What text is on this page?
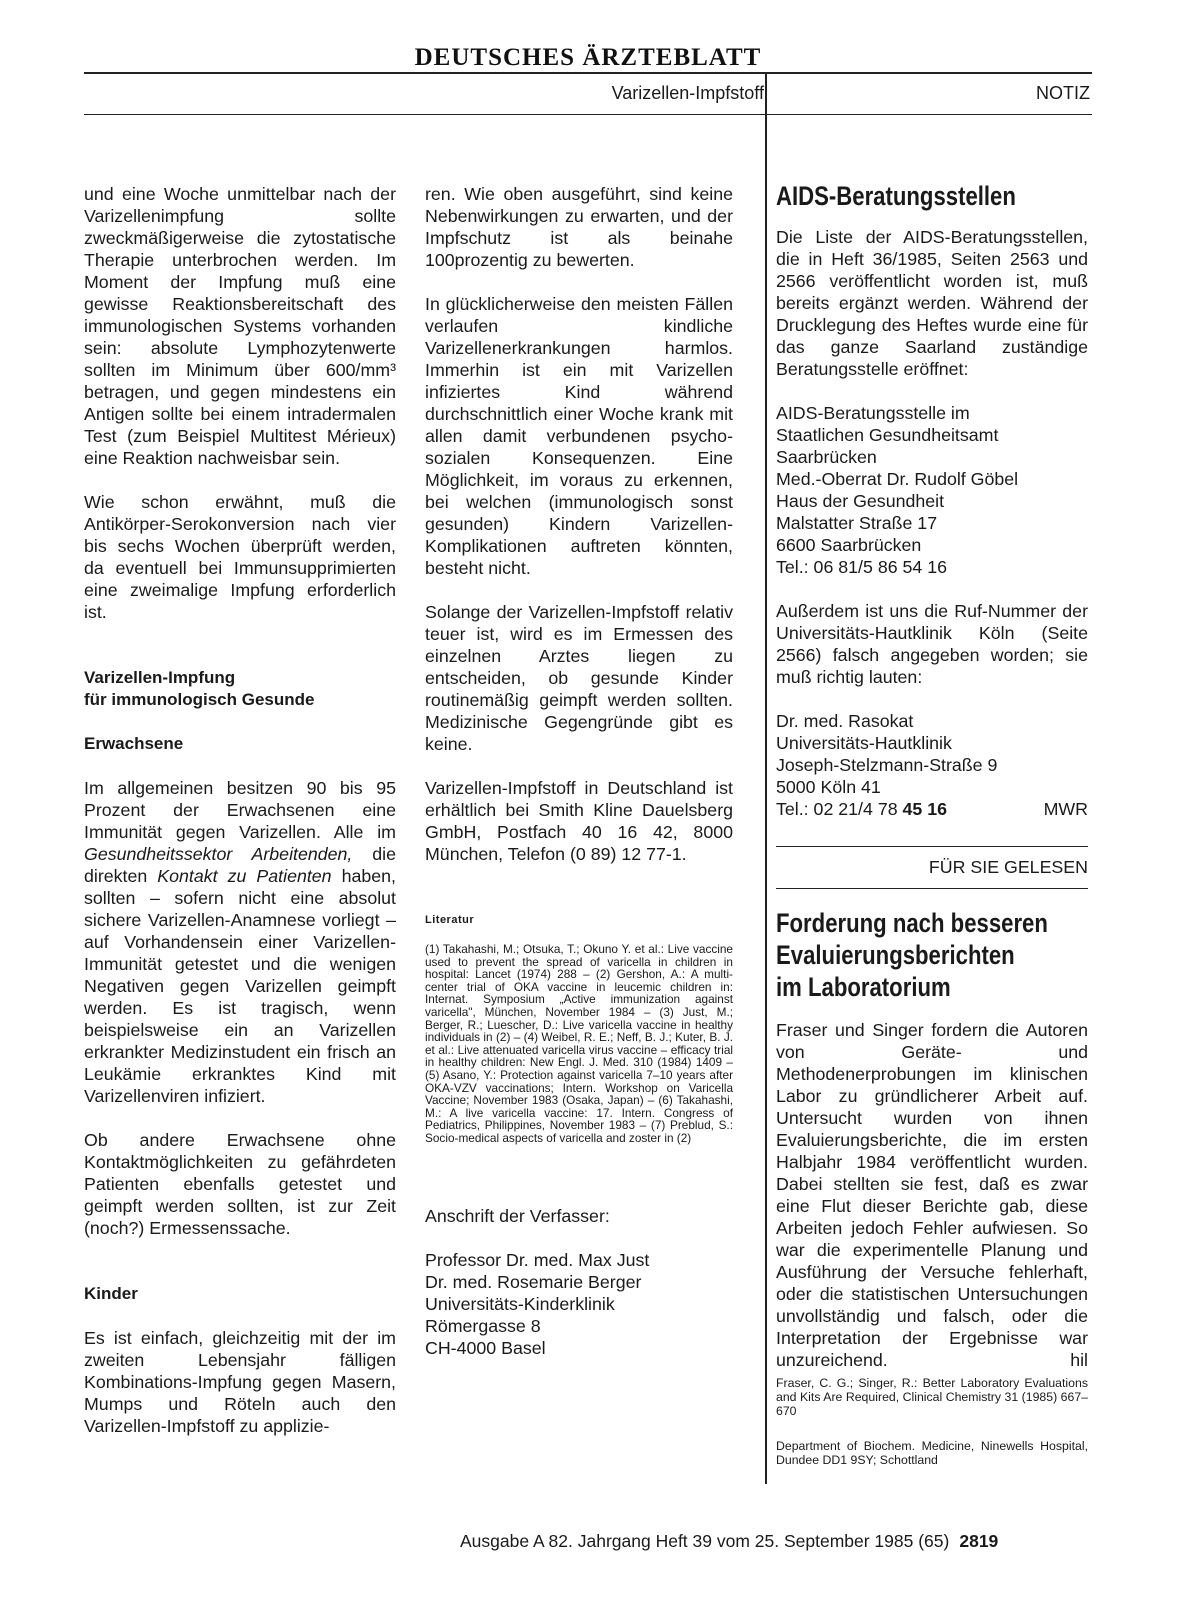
DEUTSCHES ÄRZTEBLATT
Varizellen-Impfstoff	NOTIZ

und eine Woche unmittelbar nach der Varizellenimpfung sollte zweckmäßigerweise die zytostatische Therapie unterbrochen werden. Im Moment der Impfung muß eine gewisse Reaktionsbereitschaft des immunologischen Systems vorhanden sein: absolute Lymphozytenwerte sollten im Minimum über 600/mm³ betragen, und gegen mindestens ein Antigen sollte bei einem intradermalen Test (zum Beispiel Multitest Mérieux) eine Reaktion nachweisbar sein.

Wie schon erwähnt, muß die Antikörper-Serokonversion nach vier bis sechs Wochen überprüft werden, da eventuell bei Immunsupprimierten eine zweimalige Impfung erforderlich ist.

Varizellen-Impfung
für immunologisch Gesunde
Erwachsene

Im allgemeinen besitzen 90 bis 95 Prozent der Erwachsenen eine Immunität gegen Varizellen. Alle im Gesundheitssektor Arbeitenden, die direkten Kontakt zu Patienten haben, sollten – sofern nicht eine absolut sichere Varizellen-Anamnese vorliegt – auf Vorhandensein einer Varizellen-Immunität getestet und die wenigen Negativen gegen Varizellen geimpft werden. Es ist tragisch, wenn beispielsweise ein an Varizellen erkrankter Medizinstudent ein frisch an Leukämie erkranktes Kind mit Varizellenviren infiziert.

Ob andere Erwachsene ohne Kontaktmöglichkeiten zu gefährdeten Patienten ebenfalls getestet und geimpft werden sollten, ist zur Zeit (noch?) Ermessenssache.

Kinder

Es ist einfach, gleichzeitig mit der im zweiten Lebensjahr fälligen Kombinations-Impfung gegen Masern, Mumps und Röteln auch den Varizellen-Impfstoff zu applizie-

ren. Wie oben ausgeführt, sind keine Nebenwirkungen zu erwarten, und der Impfschutz ist als beinahe 100prozentig zu bewerten.

In glücklicherweise den meisten Fällen verlaufen kindliche Varizellenerkrankungen harmlos. Immerhin ist ein mit Varizellen infiziertes Kind während durchschnittlich einer Woche krank mit allen damit verbundenen psycho-sozialen Konsequenzen. Eine Möglichkeit, im voraus zu erkennen, bei welchen (immunologisch sonst gesunden) Kindern Varizellen-Komplikationen auftreten könnten, besteht nicht.

Solange der Varizellen-Impfstoff relativ teuer ist, wird es im Ermessen des einzelnen Arztes liegen zu entscheiden, ob gesunde Kinder routinemäßig geimpft werden sollten. Medizinische Gegengründe gibt es keine.

Varizellen-Impfstoff in Deutschland ist erhältlich bei Smith Kline Dauelsberg GmbH, Postfach 40 16 42, 8000 München, Telefon (0 89) 12 77-1.

Literatur

(1) Takahashi, M.; Otsuka, T.; Okuno Y. et al.: Live vaccine used to prevent the spread of varicella in children in hospital: Lancet (1974) 288 – (2) Gershon, A.: A multi-center trial of OKA vaccine in leucemic children in: Internat. Symposium „Active immunization against varicella", München, November 1984 – (3) Just, M.; Berger, R.; Luescher, D.: Live varicella vaccine in healthy individuals in (2) – (4) Weibel, R. E.; Neff, B. J.; Kuter, B. J. et al.: Live attenuated varicella virus vaccine – efficacy trial in healthy children: New Engl. J. Med. 310 (1984) 1409 – (5) Asano, Y.: Protection against varicella 7–10 years after OKA-VZV vaccinations; Intern. Workshop on Varicella Vaccine; November 1983 (Osaka, Japan) – (6) Takahashi, M.: A live varicella vaccine: 17. Intern. Congress of Pediatrics, Philippines, November 1983 – (7) Preblud, S.: Socio-medical aspects of varicella and zoster in (2)

Anschrift der Verfasser:

Professor Dr. med. Max Just
Dr. med. Rosemarie Berger
Universitäts-Kinderklinik
Römergasse 8
CH-4000 Basel
AIDS-Beratungsstellen

Die Liste der AIDS-Beratungsstellen, die in Heft 36/1985, Seiten 2563 und 2566 veröffentlicht worden ist, muß bereits ergänzt werden. Während der Drucklegung des Heftes wurde eine für das ganze Saarland zuständige Beratungsstelle eröffnet:

AIDS-Beratungsstelle im
Staatlichen Gesundheitsamt
Saarbrücken
Med.-Oberrat Dr. Rudolf Göbel
Haus der Gesundheit
Malstatter Straße 17
6600 Saarbrücken
Tel.: 06 81/5 86 54 16

Außerdem ist uns die Ruf-Nummer der Universitäts-Hautklinik Köln (Seite 2566) falsch angegeben worden; sie muß richtig lauten:

Dr. med. Rasokat
Universitäts-Hautklinik
Joseph-Stelzmann-Straße 9
5000 Köln 41
Tel.: 02 21/4 78 45 16	MWR
FÜR SIE GELESEN
Forderung nach besseren
Evaluierungsberichten
im Laboratorium

Fraser und Singer fordern die Autoren von Geräte- und Methodenerprobungen im klinischen Labor zu gründlicherer Arbeit auf. Untersucht wurden von ihnen Evaluierungsberichte, die im ersten Halbjahr 1984 veröffentlicht wurden. Dabei stellten sie fest, daß es zwar eine Flut dieser Berichte gab, diese Arbeiten jedoch Fehler aufwiesen. So war die experimentelle Planung und Ausführung der Versuche fehlerhaft, oder die statistischen Untersuchungen unvollständig und falsch, oder die Interpretation der Ergebnisse war unzureichend.	hil

Fraser, C. G.; Singer, R.: Better Laboratory Evaluations and Kits Are Required, Clinical Chemistry 31 (1985) 667–670

Department of Biochem. Medicine, Ninewells Hospital, Dundee DD1 9SY; Schottland

Ausgabe A 82. Jahrgang Heft 39 vom 25. September 1985 (65) 2819
